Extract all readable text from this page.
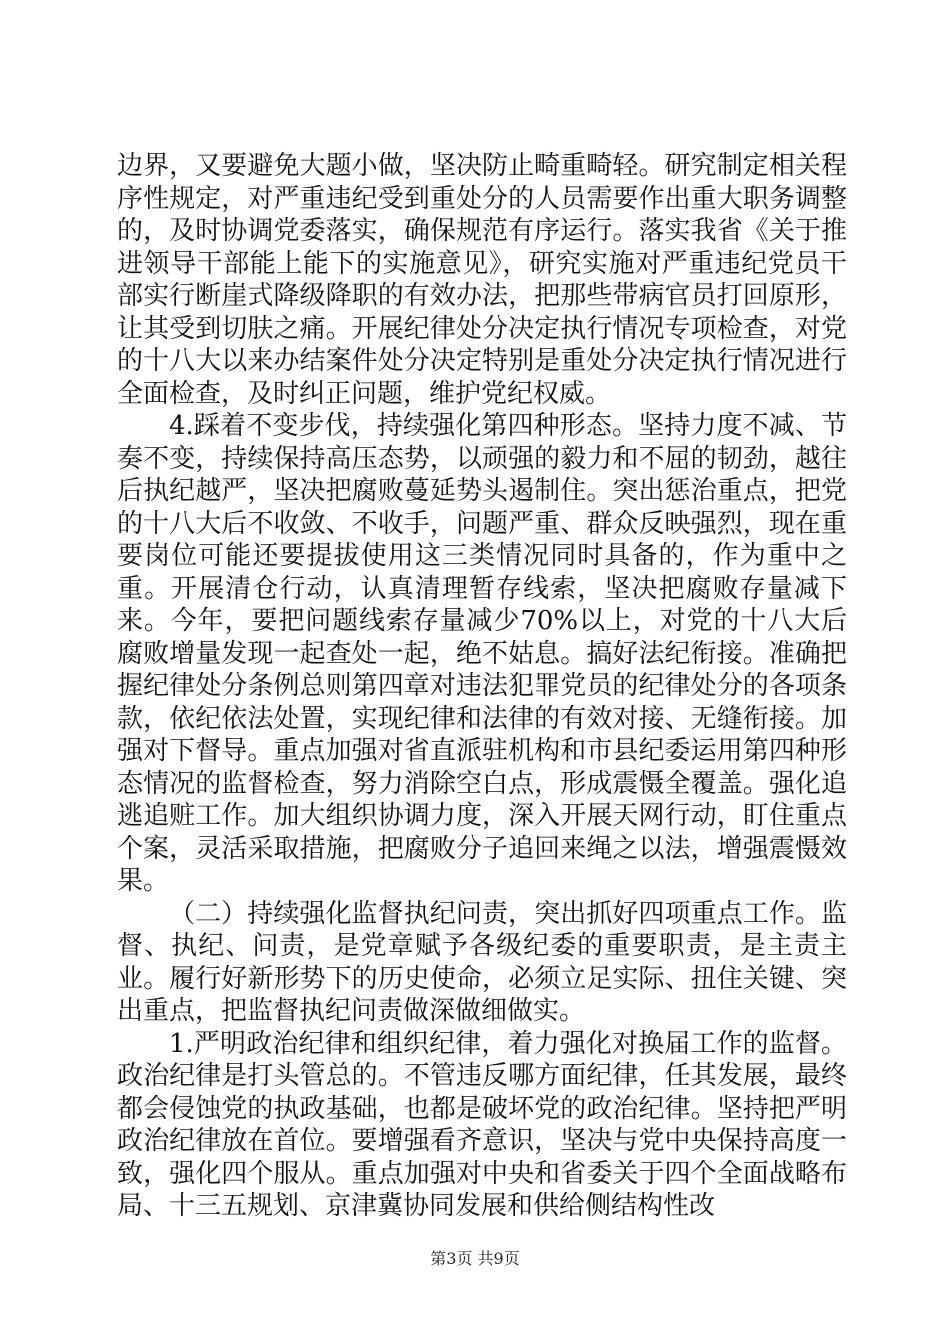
边界，又要避免大题小做，坚决防止畸重畸轻。研究制定相关程序性规定，对严重违纪受到重处分的人员需要作出重大职务调整的，及时协调党委落实，确保规范有序运行。落实我省《关于推进领导干部能上能下的实施意见》，研究实施对严重违纪党员干部实行断崖式降级降职的有效办法，把那些带病官员打回原形，让其受到切肤之痛。开展纪律处分决定执行情况专项检查，对党的十八大以来办结案件处分决定特别是重处分决定执行情况进行全面检查，及时纠正问题，维护党纪权威。

4.踩着不变步伐，持续强化第四种形态。坚持力度不减、节奏不变，持续保持高压态势，以顽强的毅力和不屈的韧劲，越往后执纪越严，坚决把腐败蔓延势头遏制住。突出惩治重点，把党的十八大后不收敛、不收手，问题严重、群众反映强烈，现在重要岗位可能还要提拔使用这三类情况同时具备的，作为重中之重。开展清仓行动，认真清理暂存线索，坚决把腐败存量减下来。今年，要把问题线索存量减少70%以上，对党的十八大后腐败增量发现一起查处一起，绝不姑息。搞好法纪衔接。准确把握纪律处分条例总则第四章对违法犯罪党员的纪律处分的各项条款，依纪依法处置，实现纪律和法律的有效对接、无缝衔接。加强对下督导。重点加强对省直派驻机构和市县纪委运用第四种形态情况的监督检查，努力消除空白点，形成震慑全覆盖。强化追逃追赃工作。加大组织协调力度，深入开展天网行动，盯住重点个案，灵活采取措施，把腐败分子追回来绳之以法，增强震慑效果。

（二）持续强化监督执纪问责，突出抓好四项重点工作。监督、执纪、问责，是党章赋予各级纪委的重要职责，是主责主业。履行好新形势下的历史使命，必须立足实际、扭住关键、突出重点，把监督执纪问责做深做细做实。

1.严明政治纪律和组织纪律，着力强化对换届工作的监督。政治纪律是打头管总的。不管违反哪方面纪律，任其发展，最终都会侵蚀党的执政基础，也都是破坏党的政治纪律。坚持把严明政治纪律放在首位。要增强看齐意识，坚决与党中央保持高度一致，强化四个服从。重点加强对中央和省委关于四个全面战略布局、十三五规划、京津冀协同发展和供给侧结构性改

第3页 共9页
